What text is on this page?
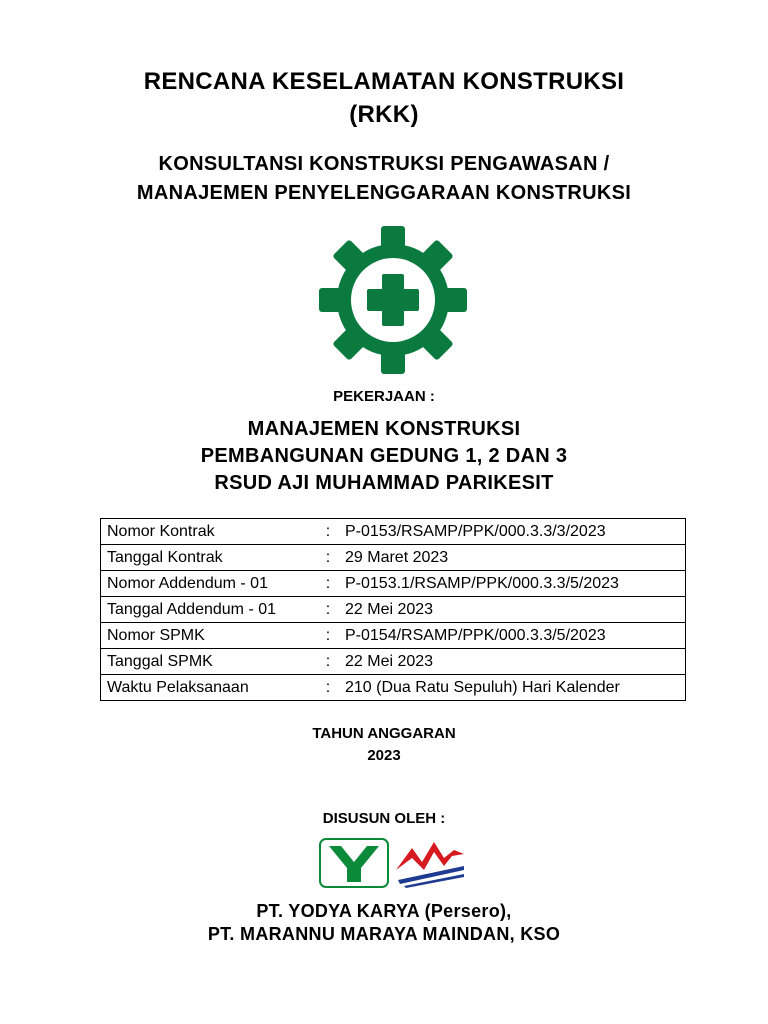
RENCANA KESELAMATAN KONSTRUKSI
(RKK)
KONSULTANSI KONSTRUKSI PENGAWASAN /
MANAJEMEN PENYELENGGARAAN KONSTRUKSI
PEKERJAAN :
MANAJEMEN KONSTRUKSI
PEMBANGUNAN GEDUNG 1, 2 DAN 3
RSUD AJI MUHAMMAD PARIKESIT
Nomor Kontrak	:	P-0153/RSAMP/PPK/000.3.3/3/2023
Tanggal Kontrak	:	29 Maret 2023
Nomor Addendum - 01	:	P-0153.1/RSAMP/PPK/000.3.3/5/2023
Tanggal Addendum - 01	:	22 Mei 2023
Nomor SPMK	:	P-0154/RSAMP/PPK/000.3.3/5/2023
Tanggal SPMK	:	22 Mei 2023
Waktu Pelaksanaan	:	210 (Dua Ratu Sepuluh) Hari Kalender
TAHUN ANGGARAN
2023
DISUSUN OLEH :
PT. YODYA KARYA (Persero),
PT. MARANNU MARAYA MAINDAN, KSO
